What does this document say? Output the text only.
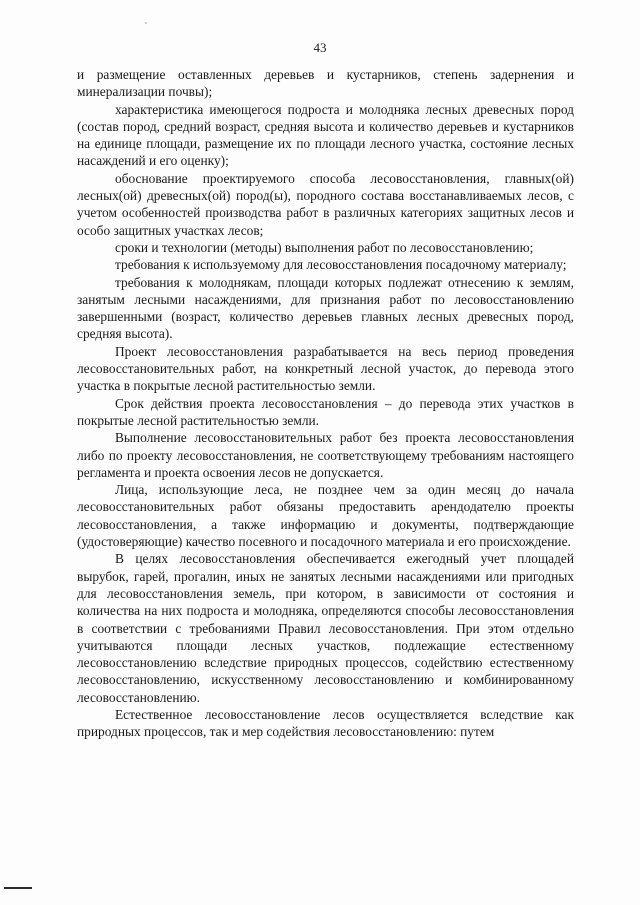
43

и размещение оставленных деревьев и кустарников, степень задернения и минерализации почвы);

характеристика имеющегося подроста и молодняка лесных древесных пород (состав пород, средний возраст, средняя высота и количество деревьев и кустарников на единице площади, размещение их по площади лесного участка, состояние лесных насаждений и его оценку);

обоснование проектируемого способа лесовосстановления, главных(ой) лесных(ой) древесных(ой) пород(ы), породного состава восстанавливаемых лесов, с учетом особенностей производства работ в различных категориях защитных лесов и особо защитных участках лесов;

сроки и технологии (методы) выполнения работ по лесовосстановлению;

требования к используемому для лесовосстановления посадочному материалу;

требования к молоднякам, площади которых подлежат отнесению к землям, занятым лесными насаждениями, для признания работ по лесовосстановлению завершенными (возраст, количество деревьев главных лесных древесных пород, средняя высота).

Проект лесовосстановления разрабатывается на весь период проведения лесовосстановительных работ, на конкретный лесной участок, до перевода этого участка в покрытые лесной растительностью земли.

Срок действия проекта лесовосстановления – до перевода этих участков в покрытые лесной растительностью земли.

Выполнение лесовосстановительных работ без проекта лесовосстановления либо по проекту лесовосстановления, не соответствующему требованиям настоящего регламента и проекта освоения лесов не допускается.

Лица, использующие леса, не позднее чем за один месяц до начала лесовосстановительных работ обязаны предоставить арендодателю проекты лесовосстановления, а также информацию и документы, подтверждающие (удостоверяющие) качество посевного и посадочного материала и его происхождение.

В целях лесовосстановления обеспечивается ежегодный учет площадей вырубок, гарей, прогалин, иных не занятых лесными насаждениями или пригодных для лесовосстановления земель, при котором, в зависимости от состояния и количества на них подроста и молодняка, определяются способы лесовосстановления в соответствии с требованиями Правил лесовосстановления. При этом отдельно учитываются площади лесных участков, подлежащие естественному лесовосстановлению вследствие природных процессов, содействию естественному лесовосстановлению, искусственному лесовосстановлению и комбинированному лесовосстановлению.

Естественное лесовосстановление лесов осуществляется вследствие как природных процессов, так и мер содействия лесовосстановлению: путем
